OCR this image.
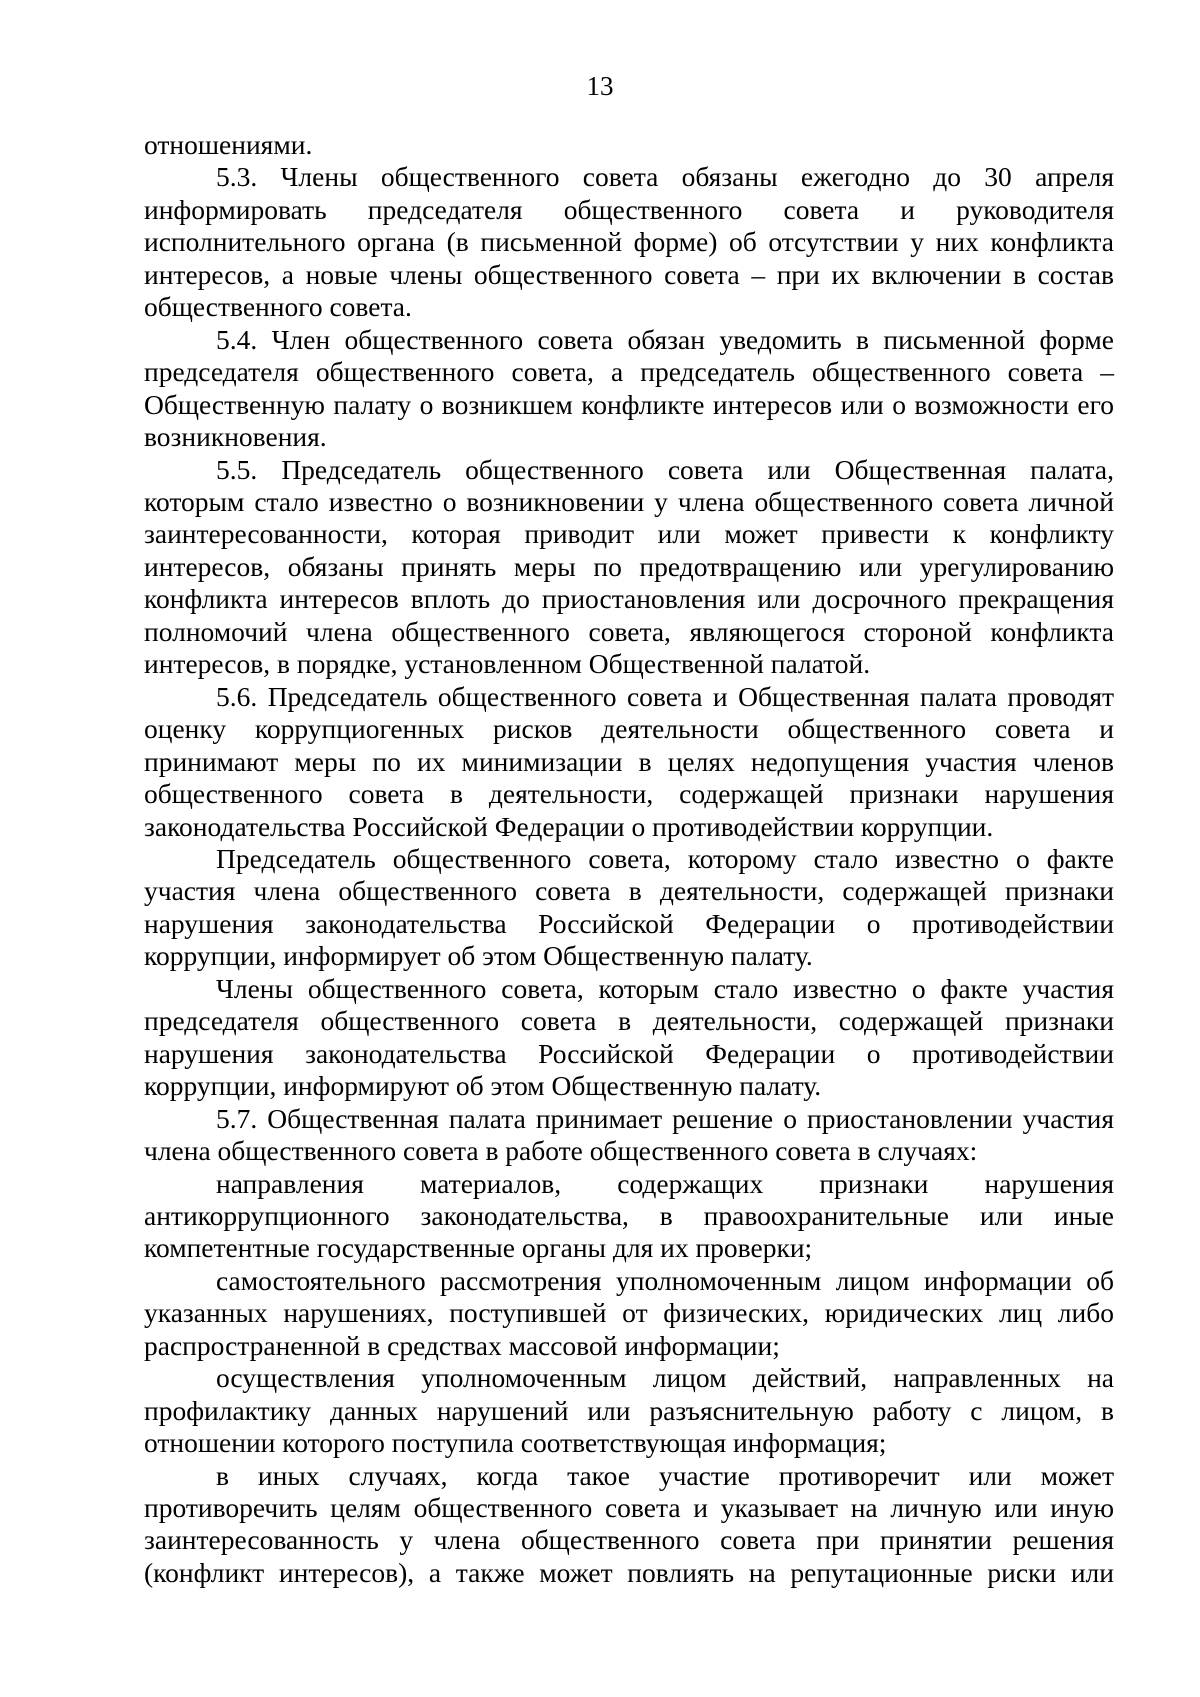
13

отношениями.

5.3. Члены общественного совета обязаны ежегодно до 30 апреля информировать председателя общественного совета и руководителя исполнительного органа (в письменной форме) об отсутствии у них конфликта интересов, а новые члены общественного совета – при их включении в состав общественного совета.

5.4. Член общественного совета обязан уведомить в письменной форме председателя общественного совета, а председатель общественного совета – Общественную палату о возникшем конфликте интересов или о возможности его возникновения.

5.5. Председатель общественного совета или Общественная палата, которым стало известно о возникновении у члена общественного совета личной заинтересованности, которая приводит или может привести к конфликту интересов, обязаны принять меры по предотвращению или урегулированию конфликта интересов вплоть до приостановления или досрочного прекращения полномочий члена общественного совета, являющегося стороной конфликта интересов, в порядке, установленном Общественной палатой.

5.6. Председатель общественного совета и Общественная палата проводят оценку коррупциогенных рисков деятельности общественного совета и принимают меры по их минимизации в целях недопущения участия членов общественного совета в деятельности, содержащей признаки нарушения законодательства Российской Федерации о противодействии коррупции.

Председатель общественного совета, которому стало известно о факте участия члена общественного совета в деятельности, содержащей признаки нарушения законодательства Российской Федерации о противодействии коррупции, информирует об этом Общественную палату.

Члены общественного совета, которым стало известно о факте участия председателя общественного совета в деятельности, содержащей признаки нарушения законодательства Российской Федерации о противодействии коррупции, информируют об этом Общественную палату.

5.7. Общественная палата принимает решение о приостановлении участия члена общественного совета в работе общественного совета в случаях:

направления материалов, содержащих признаки нарушения антикоррупционного законодательства, в правоохранительные или иные компетентные государственные органы для их проверки;

самостоятельного рассмотрения уполномоченным лицом информации об указанных нарушениях, поступившей от физических, юридических лиц либо распространенной в средствах массовой информации;

осуществления уполномоченным лицом действий, направленных на профилактику данных нарушений или разъяснительную работу с лицом, в отношении которого поступила соответствующая информация;

в иных случаях, когда такое участие противоречит или может противоречить целям общественного совета и указывает на личную или иную заинтересованность у члена общественного совета при принятии решения (конфликт интересов), а также может повлиять на репутационные риски или
